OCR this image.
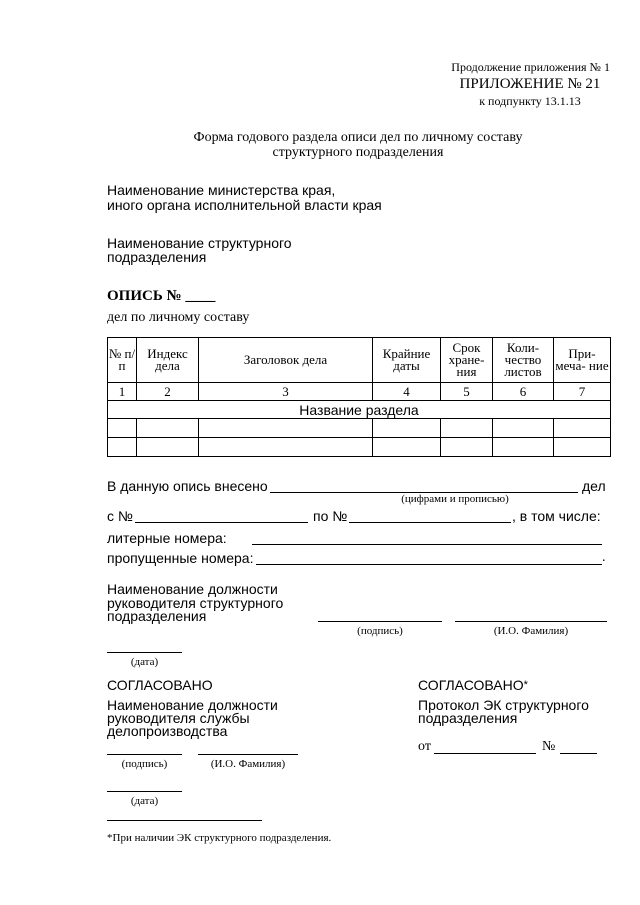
Продолжение приложения № 1
ПРИЛОЖЕНИЕ № 21
к подпункту 13.1.13
Форма годового раздела описи дел по личному составу
структурного подразделения
Наименование министерства края,
иного органа исполнительной власти края
Наименование структурного
подразделения
ОПИСЬ № ____
дел по личному составу
№ п/п	Индекс дела	Заголовок дела	Крайние даты	Срок хране- ния	Коли- чество листов	При- меча- ние
1	2	3	4	5	6	7
Название раздела						

В данную опись внесено	дел
(цифрами и прописью)
с №	по №	, в том числе:
литерные номера:
пропущенные номера:	.
Наименование должности
руководителя структурного
подразделения
(подпись)	(И.О. Фамилия)
(дата)
СОГЛАСОВАНО
Наименование должности
руководителя службы
делопроизводства
(подпись)	(И.О. Фамилия)
(дата)
СОГЛАСОВАНО*
Протокол ЭК структурного
подразделения
от	№
*При наличии ЭК структурного подразделения.
